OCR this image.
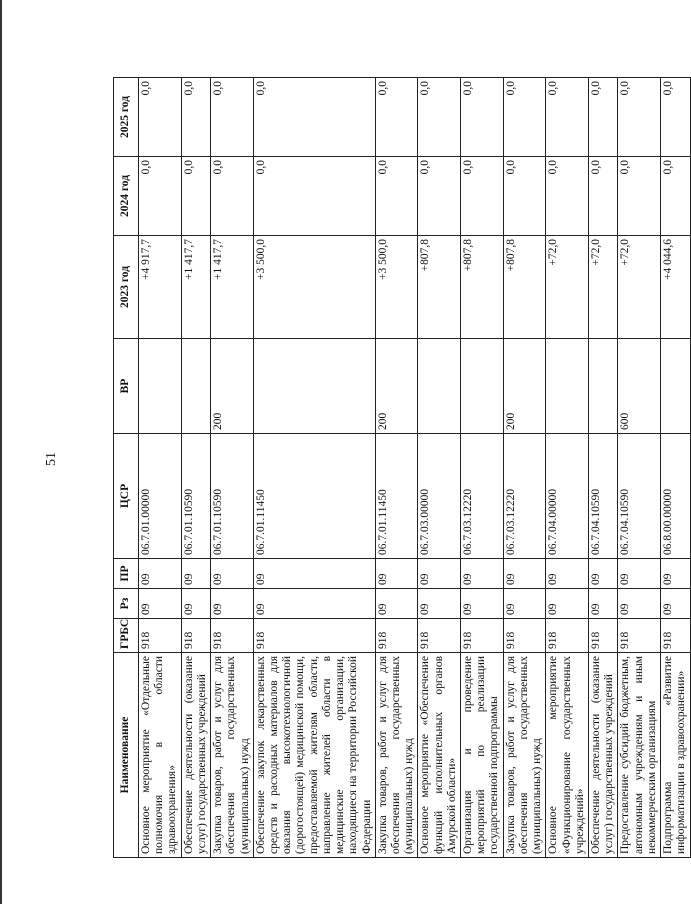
51
Наименование	ГРБС	Рз	ПР	ЦСР	ВР	2023 год	2024 год	2025 год
Основное мероприятие «Отдельные полномочия в области здравоохранения»	918	09	09	06.7.01.00000		+4 917,7	0,0	0,0
Обеспечение деятельности (оказание услуг) государственных учреждений	918	09	09	06.7.01.10590		+1 417,7	0,0	0,0
Закупка товаров, работ и услуг для обеспечения государственных (муниципальных) нужд	918	09	09	06.7.01.10590	200	+1 417,7	0,0	0,0
Обеспечение закупок лекарственных средств и расходных материалов для оказания высокотехнологичной (дорогостоящей) медицинской помощи, предоставляемой жителям области, направление жителей области в медицинские организации, находящиеся на территории Российской Федерации	918	09	09	06.7.01.11450		+3 500,0	0,0	0,0
Закупка товаров, работ и услуг для обеспечения государственных (муниципальных) нужд	918	09	09	06.7.01.11450	200	+3 500,0	0,0	0,0
Основное мероприятие «Обеспечение функций исполнительных органов Амурской области»	918	09	09	06.7.03.00000		+807,8	0,0	0,0
Организация и проведение мероприятий по реализации государственной подпрограммы	918	09	09	06.7.03.12220		+807,8	0,0	0,0
Закупка товаров, работ и услуг для обеспечения государственных (муниципальных) нужд	918	09	09	06.7.03.12220	200	+807,8	0,0	0,0
Основное мероприятие «Функционирование государственных учреждений»	918	09	09	06.7.04.00000		+72,0	0,0	0,0
Обеспечение деятельности (оказание услуг) государственных учреждений	918	09	09	06.7.04.10590		+72,0	0,0	0,0
Предоставление субсидий бюджетным, автономным учреждениям и иным некоммерческим организациям	918	09	09	06.7.04.10590	600	+72,0	0,0	0,0
Подпрограмма «Развитие информатизации в здравоохранении»	918	09	09	06.8.00.00000		+4 044,6	0,0	0,0
